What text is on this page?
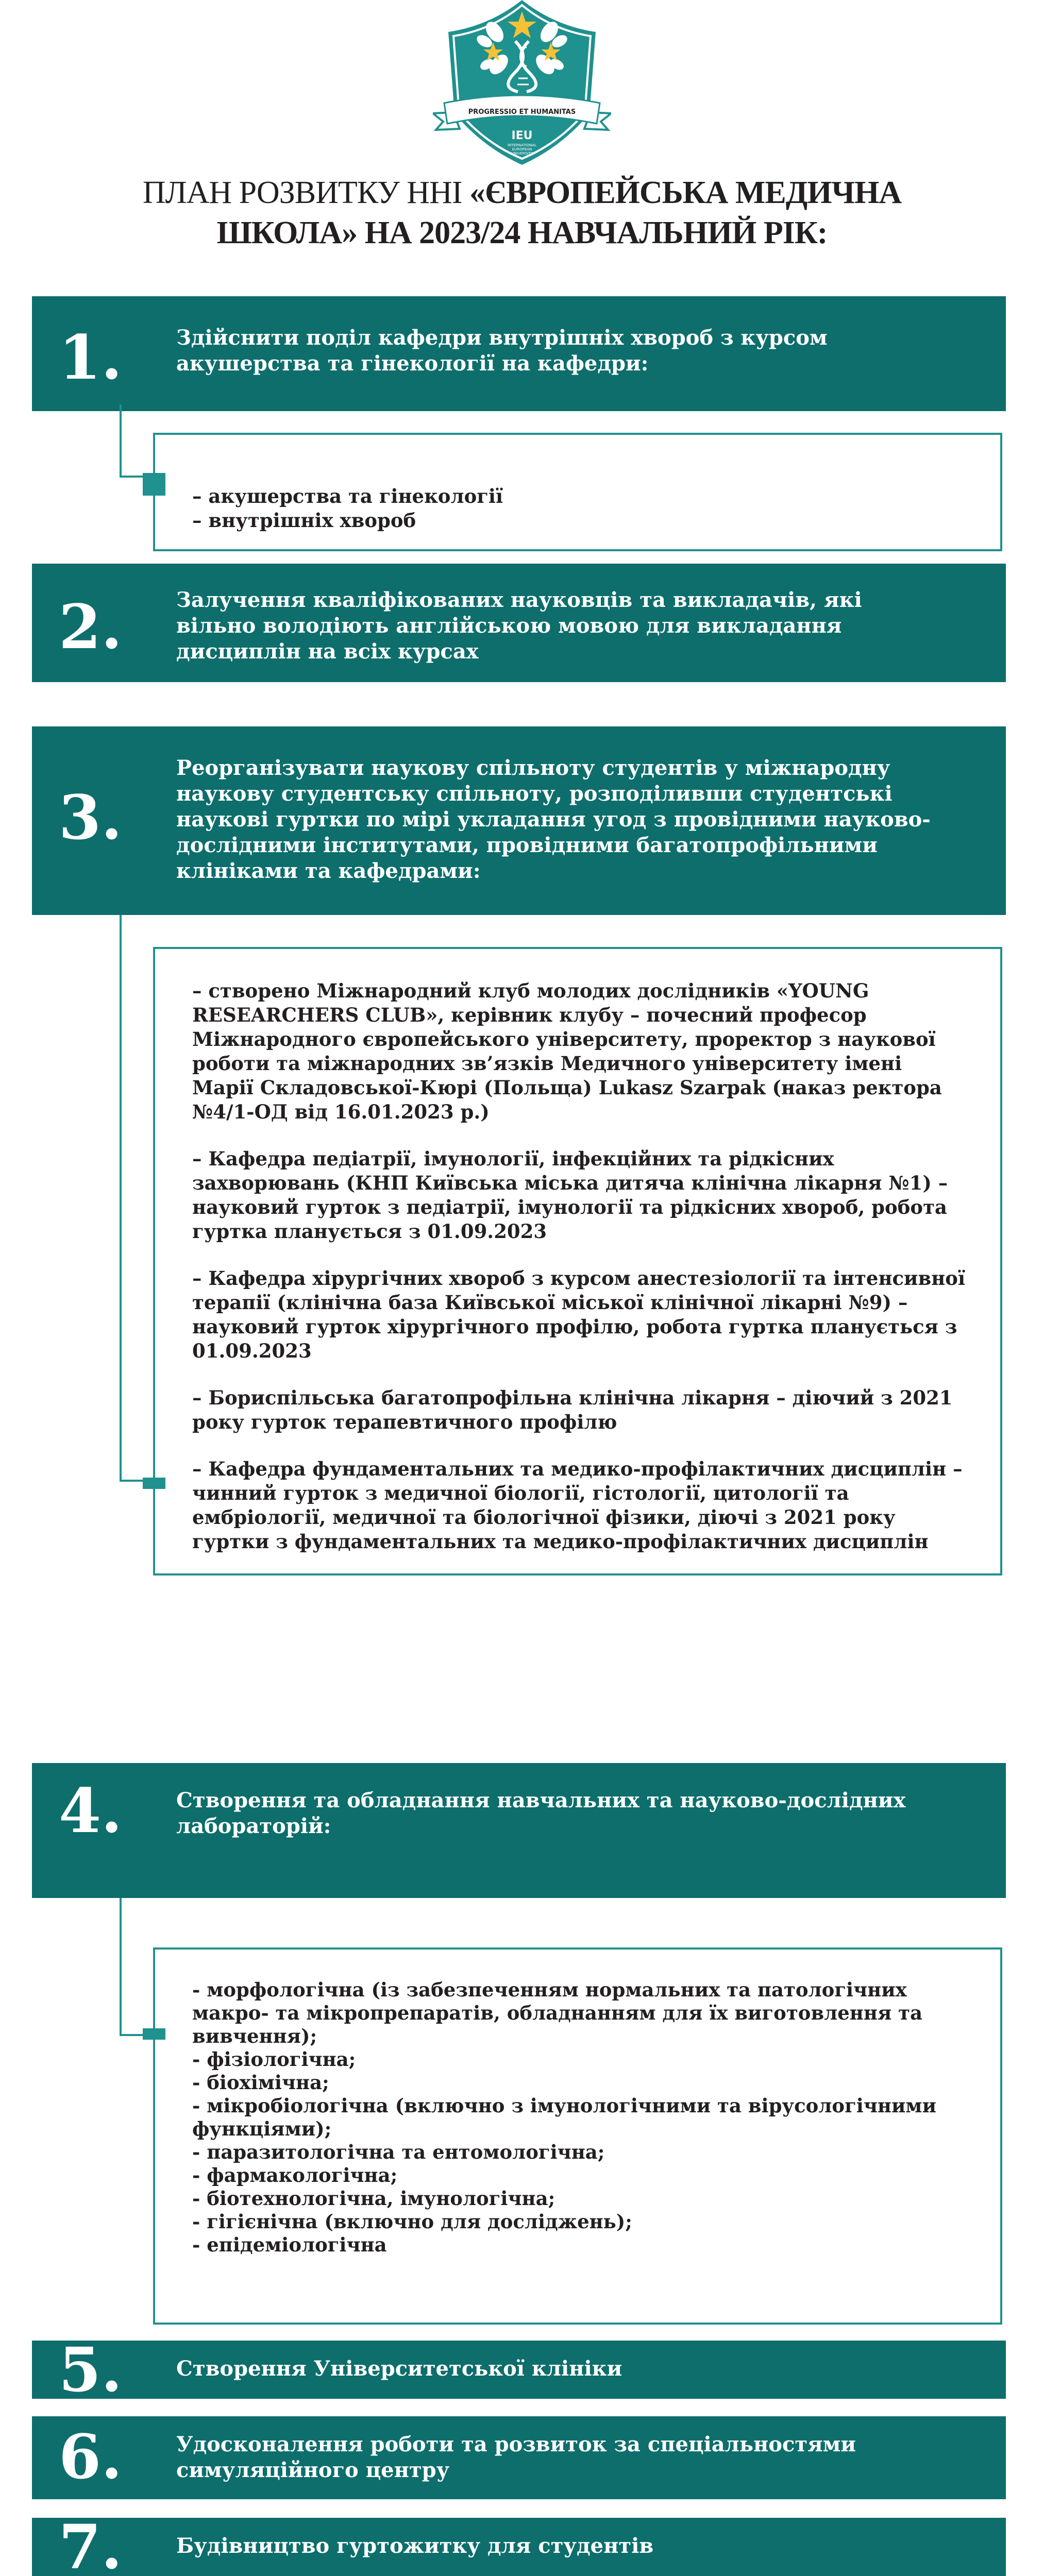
PROGRESSIO ET HUMANITAS
IEU
INTERNATIONAL
EUROPEAN
UNIVERSITY
ПЛАН РОЗВИТКУ ННІ «ЄВРОПЕЙСЬКА МЕДИЧНА
ШКОЛА» НА 2023/24 НАВЧАЛЬНИЙ РІК:
1.	Здійснити поділ кафедри внутрішніх хвороб з курсом акушерства та гінекології на кафедри:

– акушерства та гінекології

– внутрішніх хвороб

2.	Залучення кваліфікованих науковців та викладачів, які вільно володіють англійською мовою для викладання дисциплін на всіх курсах
3.
Реорганізувати наукову спільноту студентів у міжнародну наукову студентську спільноту, розподіливши студентські наукові гуртки по мірі укладання угод з провідними науково-дослідними інститутами, провідними багатопрофільними клініками та кафедрами:

– створено Міжнародний клуб молодих дослідників «YOUNG RESEARCHERS CLUB», керівник клубу – почесний професор Міжнародного європейського університету, проректор з наукової роботи та міжнародних зв’язків Медичного університету імені Марії Складовської-Кюрі (Польща) Lukasz Szarpak (наказ ректора №4/1-ОД від 16.01.2023 р.)

– Кафедра педіатрії, імунології, інфекційних та рідкісних захворювань (КНП Київська міська дитяча клінічна лікарня №1) – науковий гурток з педіатрії, імунології та рідкісних хвороб, робота гуртка планується з 01.09.2023

– Кафедра хірургічних хвороб з курсом анестезіології та інтенсивної терапії (клінічна база Київської міської клінічної лікарні №9) – науковий гурток хірургічного профілю, робота гуртка планується з 01.09.2023

– Бориспільська багатопрофільна клінічна лікарня – діючий з 2021 року гурток терапевтичного профілю

– Кафедра фундаментальних та медико-профілактичних дисциплін – чинний гурток з медичної біології, гістології, цитології та ембріології, медичної та біологічної фізики, діючі з 2021 року гуртки з фундаментальних та медико-профілактичних дисциплін

4.	Створення та обладнання навчальних та науково-дослідних лабораторій:

- морфологічна (із забезпеченням нормальних та патологічних макро- та мікропрепаратів, обладнанням для їх виготовлення та вивчення);

- фізіологічна;

- біохімічна;

- мікробіологічна (включно з імунологічними та вірусологічними функціями);

- паразитологічна та ентомологічна;

- фармакологічна;

- біотехнологічна, імунологічна;

- гігієнічна (включно для досліджень);

- епідеміологічна

5.	Створення Університетської клініки
6.	Удосконалення роботи та розвиток за спеціальностями симуляційного центру
7.	Будівництво гуртожитку для студентів
